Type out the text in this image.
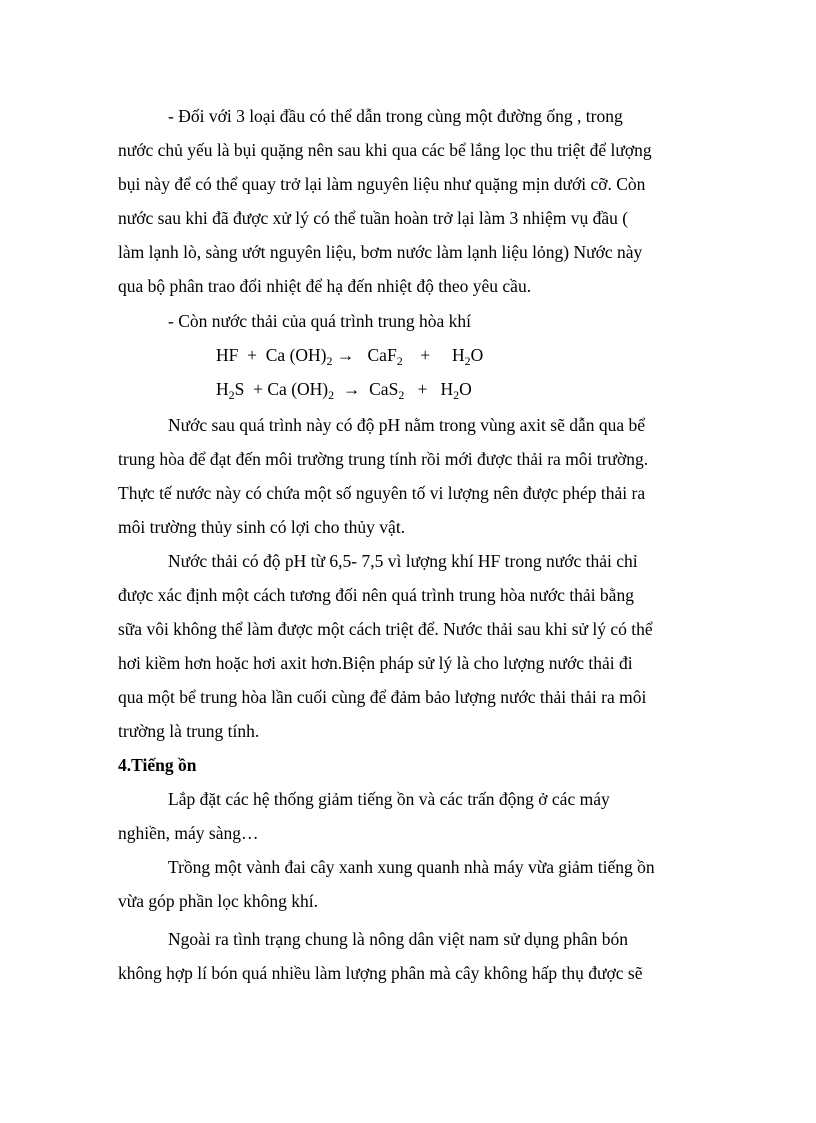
- Đối với 3 loại đầu có thể dẫn trong cùng một đường ống , trong
nước chủ yếu là bụi quặng nên sau khi qua các bể lắng lọc thu triệt để lượng
bụi này để có thể quay trở lại làm nguyên liệu như quặng mịn dưới cỡ. Còn
nước sau khi đã được xử lý có thể tuần hoàn trở lại làm 3 nhiệm vụ đầu (
làm lạnh lò, sàng ướt nguyên liệu, bơm nước làm lạnh liệu lỏng) Nước này
qua bộ phân trao đổi nhiệt để hạ đến nhiệt độ theo yêu cầu.
- Còn nước thải của quá trình trung hòa khí
HF + Ca $(OH)_2 \to CaF_2 + H_2O$
$H_2S + Ca$ $(OH)_2 \to CaS_2 + H_2O$
Nước sau quá trình này có độ pH nằm trong vùng axit sẽ dẫn qua bể
trung hòa để đạt đến môi trường trung tính rồi mới được thải ra môi trường.
Thực tế nước này có chứa một số nguyên tố vi lượng nên được phép thải ra
môi trường thủy sinh có lợi cho thủy vật.
Nước thải có độ pH từ 6,5- 7,5 vì lượng khí HF trong nước thải chỉ
được xác định một cách tương đối nên quá trình trung hòa nước thải bằng
sữa vôi không thể làm được một cách triệt để. Nước thải sau khi sử lý có thể
hơi kiềm hơn hoặc hơi axit hơn.Biện pháp sử lý là cho lượng nước thải đi
qua một bể trung hòa lần cuối cùng để đảm bảo lượng nước thải thải ra môi
trường là trung tính.
4.Tiếng ồn
Lắp đặt các hệ thống giảm tiếng ồn và các trấn động ở các máy
nghiền, máy sàng…
Trồng một vành đai cây xanh xung quanh nhà máy vừa giảm tiếng ồn
vừa góp phần lọc không khí.
Ngoài ra tình trạng chung là nông dân việt nam sử dụng phân bón
không hợp lí bón quá nhiều làm lượng phân mà cây không hấp thụ được sẽ
